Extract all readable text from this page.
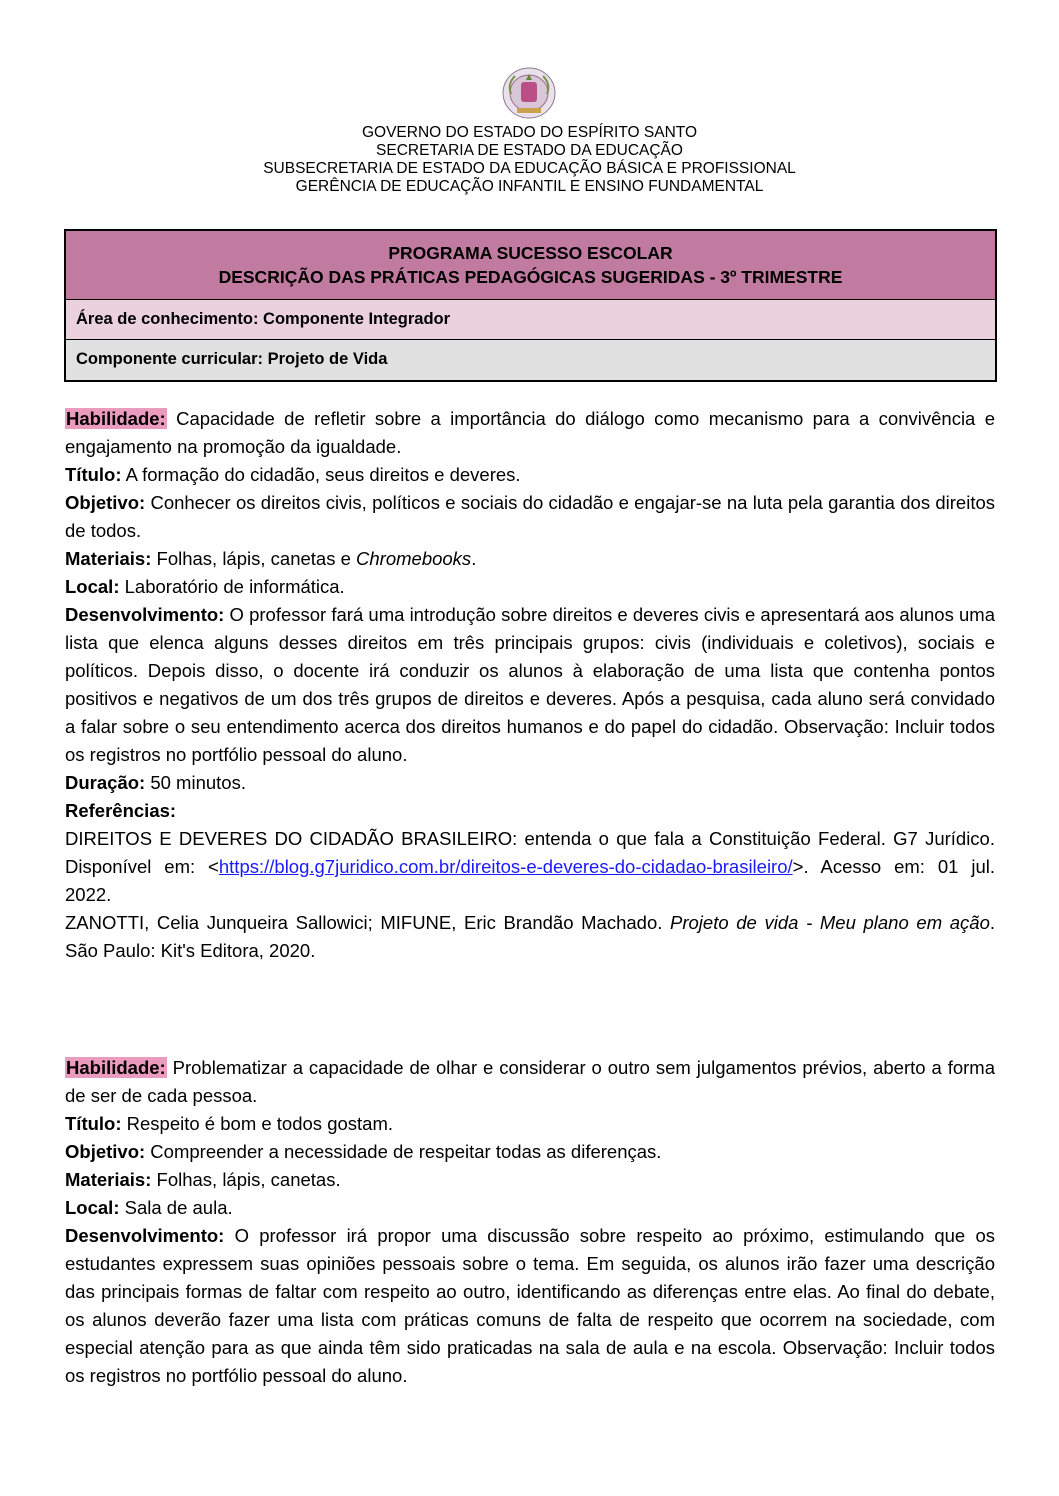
GOVERNO DO ESTADO DO ESPÍRITO SANTO
SECRETARIA DE ESTADO DA EDUCAÇÃO
SUBSECRETARIA DE ESTADO DA EDUCAÇÃO BÁSICA E PROFISSIONAL
GERÊNCIA DE EDUCAÇÃO INFANTIL E ENSINO FUNDAMENTAL
PROGRAMA SUCESSO ESCOLAR
DESCRIÇÃO DAS PRÁTICAS PEDAGÓGICAS SUGERIDAS - 3º TRIMESTRE
Área de conhecimento: Componente Integrador
Componente curricular: Projeto de Vida

Habilidade: Capacidade de refletir sobre a importância do diálogo como mecanismo para a convivência e engajamento na promoção da igualdade.

Título: A formação do cidadão, seus direitos e deveres.

Objetivo: Conhecer os direitos civis, políticos e sociais do cidadão e engajar-se na luta pela garantia dos direitos de todos.

Materiais: Folhas, lápis, canetas e Chromebooks.

Local: Laboratório de informática.

Desenvolvimento: O professor fará uma introdução sobre direitos e deveres civis e apresentará aos alunos uma lista que elenca alguns desses direitos em três principais grupos: civis (individuais e coletivos), sociais e políticos. Depois disso, o docente irá conduzir os alunos à elaboração de uma lista que contenha pontos positivos e negativos de um dos três grupos de direitos e deveres. Após a pesquisa, cada aluno será convidado a falar sobre o seu entendimento acerca dos direitos humanos e do papel do cidadão. Observação: Incluir todos os registros no portfólio pessoal do aluno.

Duração: 50 minutos.

Referências:

DIREITOS E DEVERES DO CIDADÃO BRASILEIRO: entenda o que fala a Constituição Federal. G7 Jurídico. Disponível em: <https://blog.g7juridico.com.br/direitos-e-deveres-do-cidadao-brasileiro/>. Acesso em: 01 jul. 2022.

ZANOTTI, Celia Junqueira Sallowici; MIFUNE, Eric Brandão Machado. Projeto de vida - Meu plano em ação. São Paulo: Kit's Editora, 2020.

Habilidade: Problematizar a capacidade de olhar e considerar o outro sem julgamentos prévios, aberto a forma de ser de cada pessoa.

Título: Respeito é bom e todos gostam.

Objetivo: Compreender a necessidade de respeitar todas as diferenças.

Materiais: Folhas, lápis, canetas.

Local: Sala de aula.

Desenvolvimento: O professor irá propor uma discussão sobre respeito ao próximo, estimulando que os estudantes expressem suas opiniões pessoais sobre o tema. Em seguida, os alunos irão fazer uma descrição das principais formas de faltar com respeito ao outro, identificando as diferenças entre elas. Ao final do debate, os alunos deverão fazer uma lista com práticas comuns de falta de respeito que ocorrem na sociedade, com especial atenção para as que ainda têm sido praticadas na sala de aula e na escola. Observação: Incluir todos os registros no portfólio pessoal do aluno.
